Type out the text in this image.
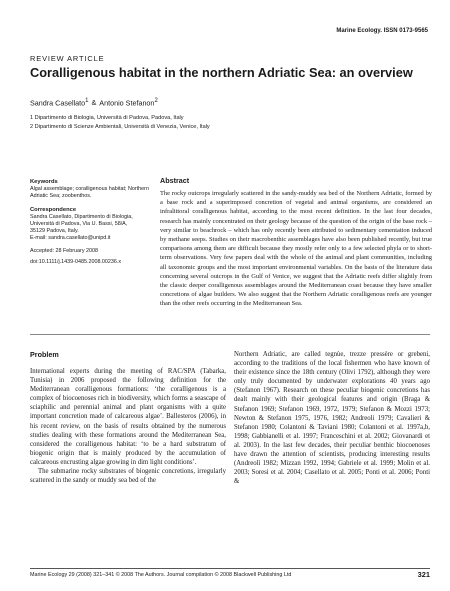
Marine Ecology. ISSN 0173-9565
REVIEW ARTICLE
Coralligenous habitat in the northern Adriatic Sea: an overview
Sandra Casellato$^1$ & Antonio Stefanon$^2$
1 Dipartimento di Biologia, Università di Padova, Padova, Italy
2 Dipartimento di Scienze Ambientali, Università di Venezia, Venice, Italy
Keywords
Algal assemblage; coralligenous habitat; Northern Adriatic Sea; zoobenthos.
Correspondence
Sandra Casellato, Dipartimento di Biologia,
Università di Padova, Via U. Bassi, 58/A,
35129 Padova, Italy.
E-mail: sandra.casellato@unipd.it
Accepted: 28 February 2008
doi:10.1111/j.1439-0485.2008.00236.x
Abstract
The rocky outcrops irregularly scattered in the sandy-muddy sea bed of the Northern Adriatic, formed by a base rock and a superimposed concretion of vegetal and animal organisms, are considered an infralittoral coralligenous habitat, according to the most recent definition. In the last four decades, research has mainly concentrated on their geology because of the question of the origin of the base rock – very similar to beachrock – which has only recently been attributed to sedimentary cementation induced by methane seeps. Studies on their macrobenthic assemblages have also been published recently, but true comparisons among them are difficult because they mostly refer only to a few selected phyla or to short-term observations. Very few papers deal with the whole of the animal and plant communities, including all taxonomic groups and the most important environmental variables. On the basis of the literature data concerning several outcrops in the Gulf of Venice, we suggest that the Adriatic reefs differ slightly from the classic deeper coralligenous assemblages around the Mediterranean coast because they have smaller concretions of algae builders. We also suggest that the Northern Adriatic coralligenous reefs are younger than the other reefs occurring in the Mediterranean Sea.
Problem

International experts during the meeting of RAC/SPA (Tabarka, Tunisia) in 2006 proposed the following definition for the Mediterranean coralligenous formations: ‘the coralligenous is a complex of biocoenoses rich in biodiversity, which forms a seascape of sciaphilic and perennial animal and plant organisms with a quite important concretion made of calcareous algae’. Ballesteros (2006), in his recent review, on the basis of results obtained by the numerous studies dealing with these formations around the Mediterranean Sea, considered the coralligenous habitat: ‘to be a hard substratum of biogenic origin that is mainly produced by the accumulation of calcareous encrusting algae growing in dim light conditions’.

The submarine rocky substrates of biogenic concretions, irregularly scattered in the sandy or muddy sea bed of the

Northern Adriatic, are called tegnùe, trezze pressère or grebeni, according to the traditions of the local fishermen who have known of their existence since the 18th century (Olivi 1792), although they were only truly documented by underwater explorations 40 years ago (Stefanon 1967). Research on these peculiar biogenic concretions has dealt mainly with their geological features and origin (Braga & Stefanon 1969; Stefanon 1969, 1972, 1979; Stefanon & Mozzi 1973; Newton & Stefanon 1975, 1976, 1982; Andreoli 1979; Cavalieri & Stefanon 1980; Colantoni & Taviani 1980; Colantoni et al. 1997a,b, 1998; Gabbianelli et al. 1997; Franceschini et al. 2002; Giovanardi et al. 2003). In the last few decades, their peculiar benthic biocoenoses have drawn the attention of scientists, producing interesting results (Andreolì 1982; Mizzan 1992, 1994; Gabriele et al. 1999; Molin et al. 2003; Soresi et al. 2004; Casellato et al. 2005; Ponti et al. 2006; Ponti &

Marine Ecology 29 (2008) 321–341 © 2008 The Authors. Journal compilation © 2008 Blackwell Publishing Ltd	321
